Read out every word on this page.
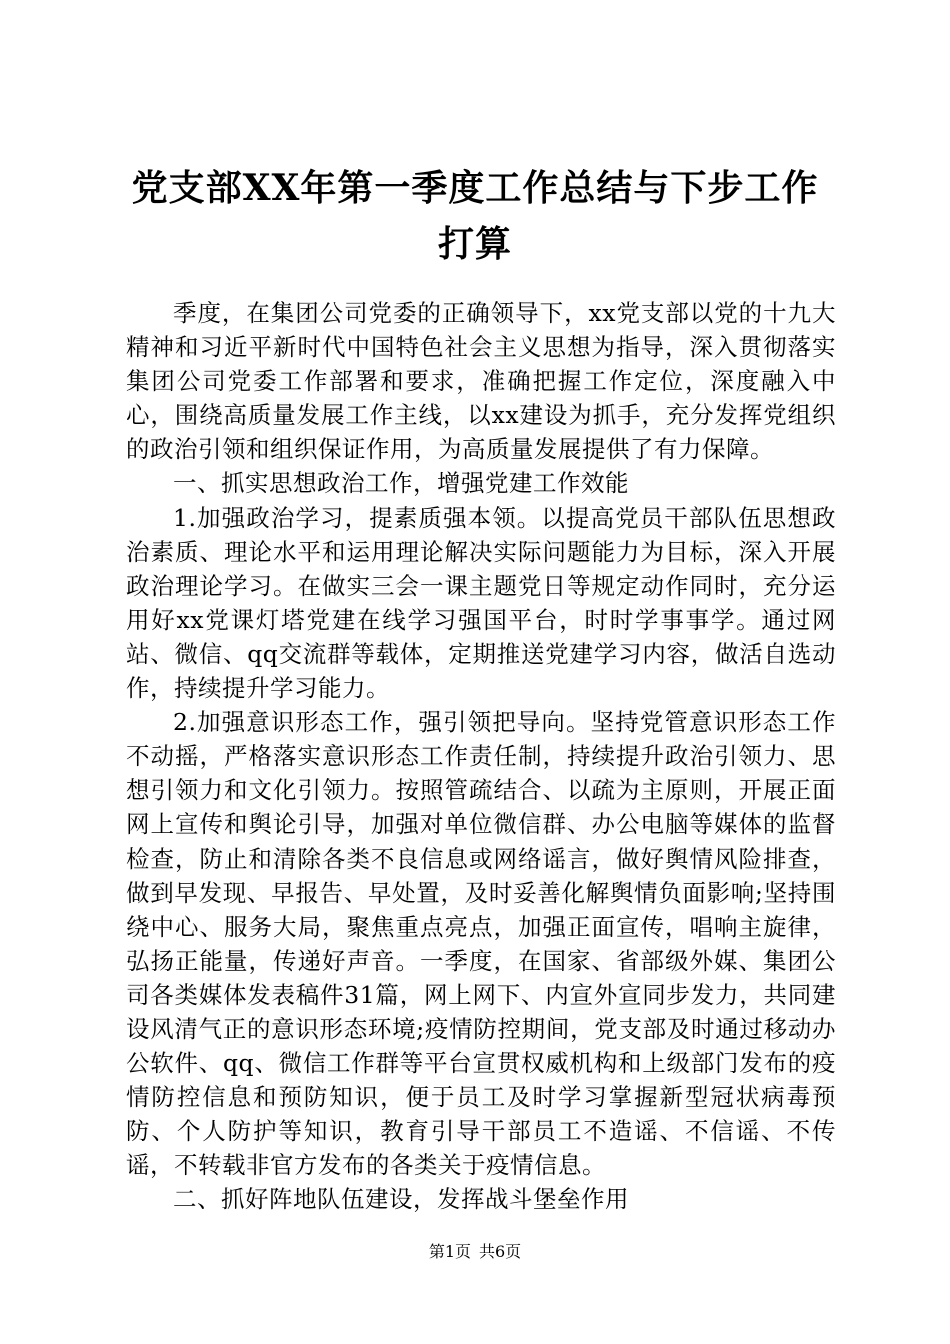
党支部XX年第一季度工作总结与下步工作打算

季度，在集团公司党委的正确领导下，xx党支部以党的十九大精神和习近平新时代中国特色社会主义思想为指导，深入贯彻落实集团公司党委工作部署和要求，准确把握工作定位，深度融入中心，围绕高质量发展工作主线，以xx建设为抓手，充分发挥党组织的政治引领和组织保证作用，为高质量发展提供了有力保障。

一、抓实思想政治工作，增强党建工作效能

1.加强政治学习，提素质强本领。以提高党员干部队伍思想政治素质、理论水平和运用理论解决实际问题能力为目标，深入开展政治理论学习。在做实三会一课主题党日等规定动作同时，充分运用好xx党课灯塔党建在线学习强国平台，时时学事事学。通过网站、微信、qq交流群等载体，定期推送党建学习内容，做活自选动作，持续提升学习能力。

2.加强意识形态工作，强引领把导向。坚持党管意识形态工作不动摇，严格落实意识形态工作责任制，持续提升政治引领力、思想引领力和文化引领力。按照管疏结合、以疏为主原则，开展正面网上宣传和舆论引导，加强对单位微信群、办公电脑等媒体的监督检查，防止和清除各类不良信息或网络谣言，做好舆情风险排查，做到早发现、早报告、早处置，及时妥善化解舆情负面影响;坚持围绕中心、服务大局，聚焦重点亮点，加强正面宣传，唱响主旋律，弘扬正能量，传递好声音。一季度，在国家、省部级外媒、集团公司各类媒体发表稿件31篇，网上网下、内宣外宣同步发力，共同建设风清气正的意识形态环境;疫情防控期间，党支部及时通过移动办公软件、qq、微信工作群等平台宣贯权威机构和上级部门发布的疫情防控信息和预防知识，便于员工及时学习掌握新型冠状病毒预防、个人防护等知识，教育引导干部员工不造谣、不信谣、不传谣，不转载非官方发布的各类关于疫情信息。

二、抓好阵地队伍建设，发挥战斗堡垒作用

第1页 共6页
